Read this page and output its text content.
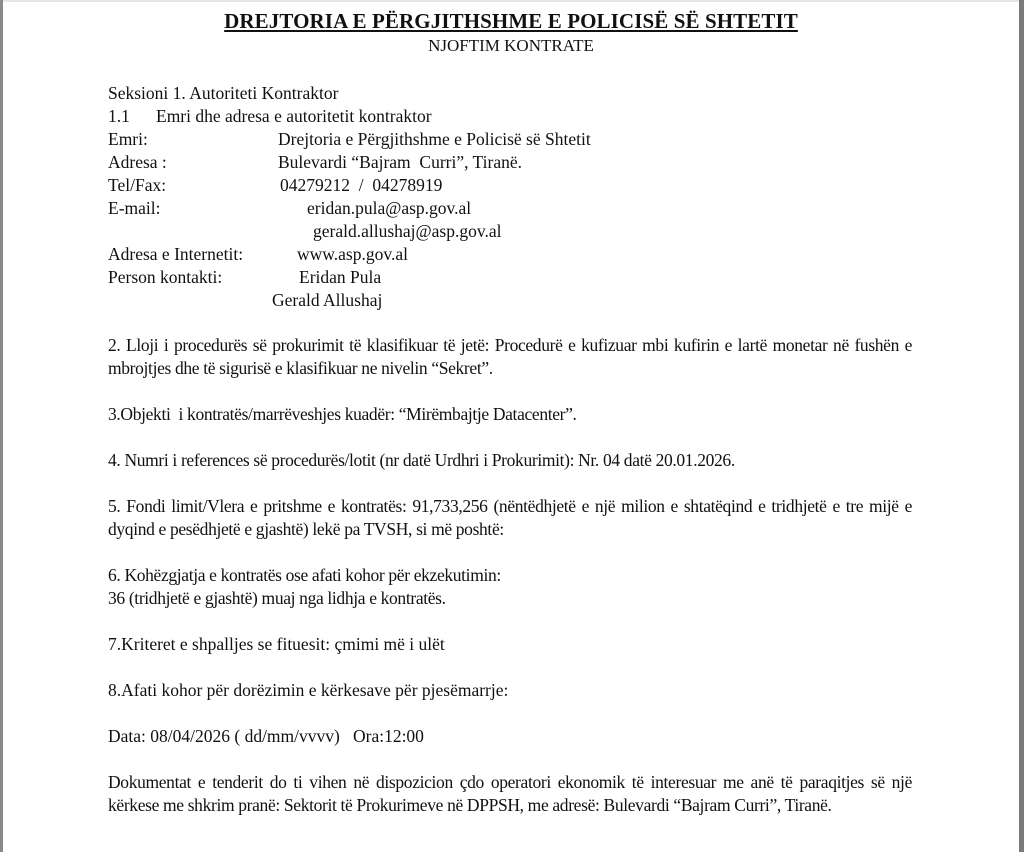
DREJTORIA E PËRGJITHSHME E POLICISË SË SHTETIT
NJOFTIM KONTRATE
Seksioni 1. Autoriteti Kontraktor
1.1 Emri dhe adresa e autoritetit kontraktor
Emri:	Drejtoria e Përgjithshme e Policisë së Shtetit
Adresa :	Bulevardi “Bajram  Curri”, Tiranë.
Tel/Fax:	04279212  /  04278919
E-mail:	eridan.pula@asp.gov.al
gerald.allushaj@asp.gov.al
Adresa e Internetit:	www.asp.gov.al
Person kontakti:	Eridan Pula
Gerald Allushaj
2. Lloji i procedurës së prokurimit të klasifikuar të jetë: Procedurë e kufizuar mbi kufirin e lartë monetar në fushën e mbrojtjes dhe të sigurisë e klasifikuar ne nivelin “Sekret”.
3.Objekti  i kontratës/marrëveshjes kuadër: “Mirëmbajtje Datacenter”.
4. Numri i references së procedurës/lotit (nr datë Urdhri i Prokurimit): Nr. 04 datë 20.01.2026.
5. Fondi limit/Vlera e pritshme e kontratës: 91,733,256 (nëntëdhjetë e një milion e shtatëqind e tridhjetë e tre mijë e dyqind e pesëdhjetë e gjashtë) lekë pa TVSH, si më poshtë:
6. Kohëzgjatja e kontratës ose afati kohor për ekzekutimin:
36 (tridhjetë e gjashtë) muaj nga lidhja e kontratës.
7.Kriteret e shpalljes se fituesit: çmimi më i ulët
8.Afati kohor për dorëzimin e kërkesave për pjesëmarrje:
Data: 08/04/2026 ( dd/mm/vvvv)   Ora:12:00
Dokumentat e tenderit do ti vihen në dispozicion çdo operatori ekonomik të interesuar me anë të paraqitjes së një kërkese me shkrim pranë: Sektorit të Prokurimeve në DPPSH, me adresë: Bulevardi “Bajram Curri”, Tiranë.
